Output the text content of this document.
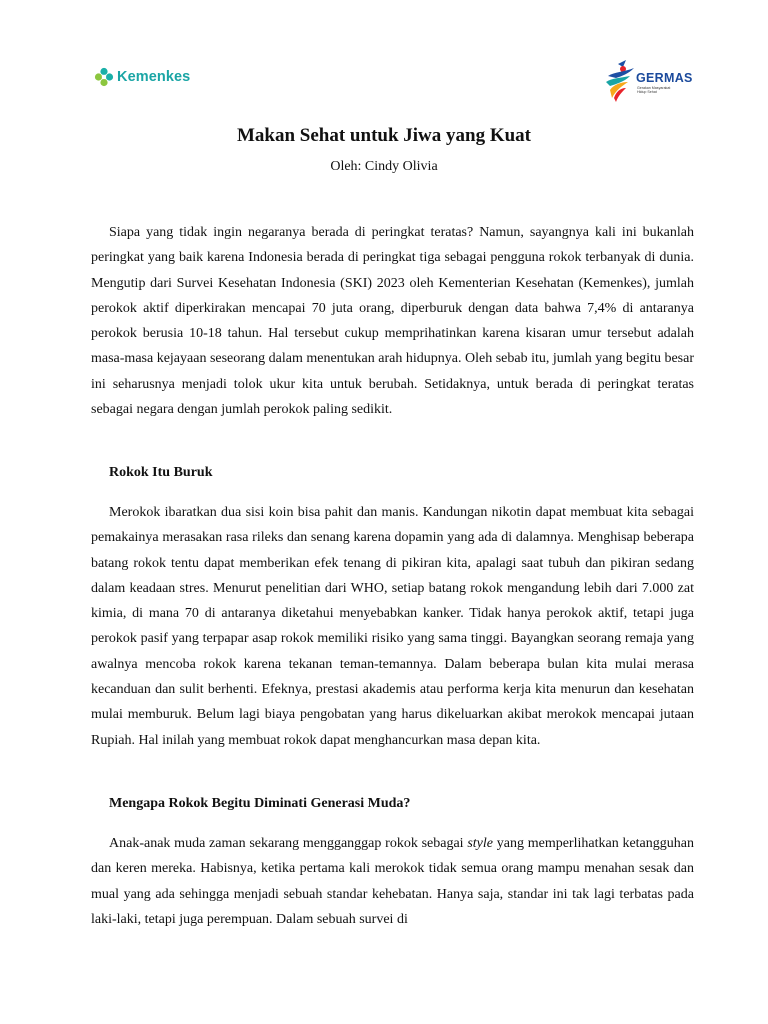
Kemenkes	GERMAS
Gerakan Masyarakat Hidup Sehat
Makan Sehat untuk Jiwa yang Kuat
Oleh: Cindy Olivia

Siapa yang tidak ingin negaranya berada di peringkat teratas? Namun, sayangnya kali ini bukanlah peringkat yang baik karena Indonesia berada di peringkat tiga sebagai pengguna rokok terbanyak di dunia. Mengutip dari Survei Kesehatan Indonesia (SKI) 2023 oleh Kementerian Kesehatan (Kemenkes), jumlah perokok aktif diperkirakan mencapai 70 juta orang, diperburuk dengan data bahwa 7,4% di antaranya perokok berusia 10-18 tahun. Hal tersebut cukup memprihatinkan karena kisaran umur tersebut adalah masa-masa kejayaan seseorang dalam menentukan arah hidupnya. Oleh sebab itu, jumlah yang begitu besar ini seharusnya menjadi tolok ukur kita untuk berubah. Setidaknya, untuk berada di peringkat teratas sebagai negara dengan jumlah perokok paling sedikit.

Rokok Itu Buruk

Merokok ibaratkan dua sisi koin bisa pahit dan manis. Kandungan nikotin dapat membuat kita sebagai pemakainya merasakan rasa rileks dan senang karena dopamin yang ada di dalamnya. Menghisap beberapa batang rokok tentu dapat memberikan efek tenang di pikiran kita, apalagi saat tubuh dan pikiran sedang dalam keadaan stres. Menurut penelitian dari WHO, setiap batang rokok mengandung lebih dari 7.000 zat kimia, di mana 70 di antaranya diketahui menyebabkan kanker. Tidak hanya perokok aktif, tetapi juga perokok pasif yang terpapar asap rokok memiliki risiko yang sama tinggi. Bayangkan seorang remaja yang awalnya mencoba rokok karena tekanan teman-temannya. Dalam beberapa bulan kita mulai merasa kecanduan dan sulit berhenti. Efeknya, prestasi akademis atau performa kerja kita menurun dan kesehatan mulai memburuk. Belum lagi biaya pengobatan yang harus dikeluarkan akibat merokok mencapai jutaan Rupiah. Hal inilah yang membuat rokok dapat menghancurkan masa depan kita.

Mengapa Rokok Begitu Diminati Generasi Muda?

Anak-anak muda zaman sekarang mengganggap rokok sebagai style yang memperlihatkan ketangguhan dan keren mereka. Habisnya, ketika pertama kali merokok tidak semua orang mampu menahan sesak dan mual yang ada sehingga menjadi sebuah standar kehebatan. Hanya saja, standar ini tak lagi terbatas pada laki-laki, tetapi juga perempuan. Dalam sebuah survei di
